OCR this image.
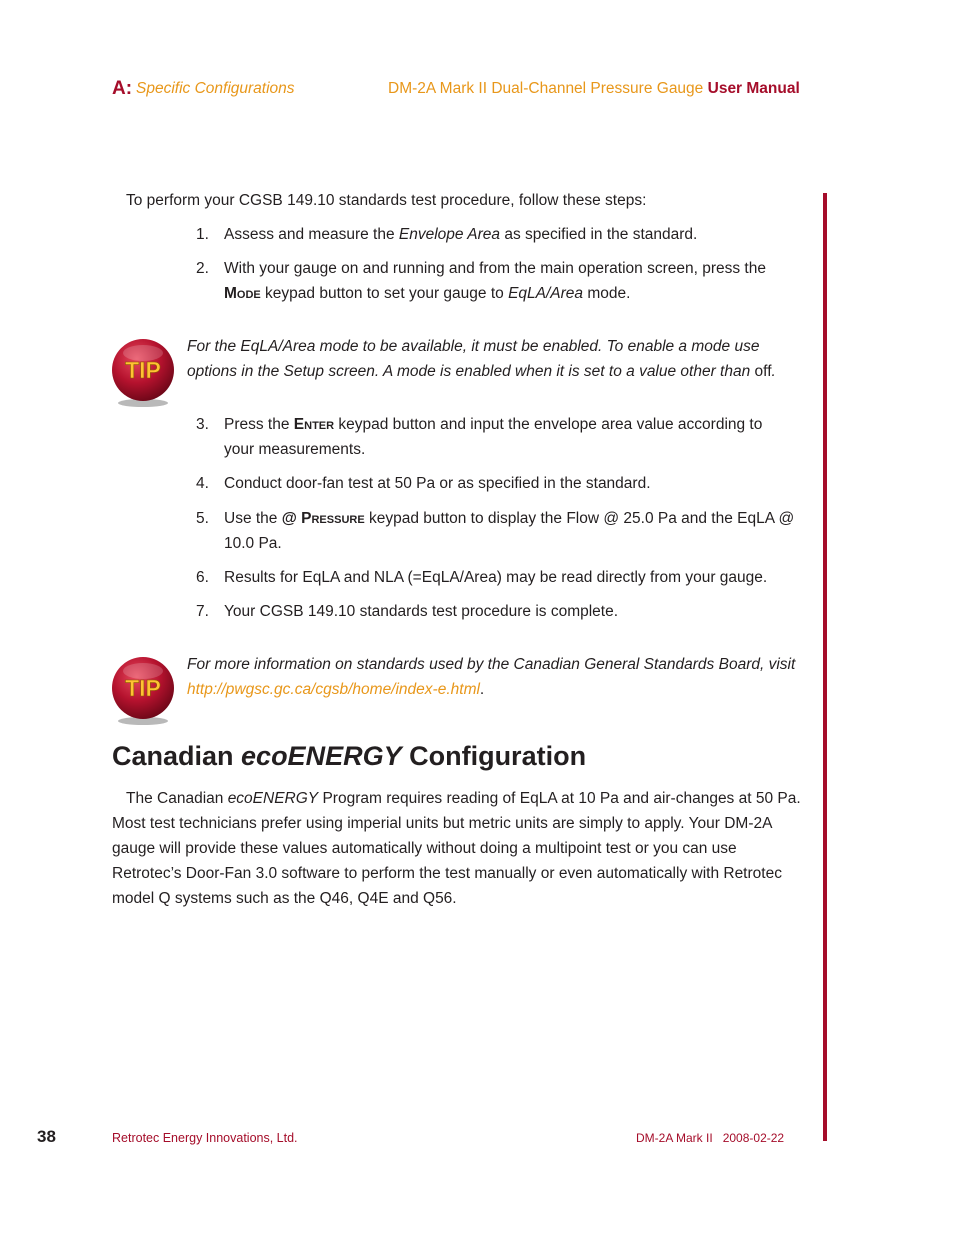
A: Specific Configurations	DM-2A Mark II Dual-Channel Pressure Gauge User Manual
To perform your CGSB 149.10 standards test procedure, follow these steps:
1. Assess and measure the Envelope Area as specified in the standard.
2. With your gauge on and running and from the main operation screen, press the Mode keypad button to set your gauge to EqLA/Area mode.
TIP
For the EqLA/Area mode to be available, it must be enabled. To enable a mode use options in the Setup screen. A mode is enabled when it is set to a value other than off.
3. Press the Enter keypad button and input the envelope area value according to your measurements.
4. Conduct door-fan test at 50 Pa or as specified in the standard.
5. Use the @ Pressure keypad button to display the Flow @ 25.0 Pa and the EqLA @ 10.0 Pa.
6. Results for EqLA and NLA (=EqLA/Area) may be read directly from your gauge.
7. Your CGSB 149.10 standards test procedure is complete.
TIP
For more information on standards used by the Canadian General Standards Board, visit http://pwgsc.gc.ca/cgsb/home/index-e.html.
Canadian ecoENERGY Configuration
The Canadian ecoENERGY Program requires reading of EqLA at 10 Pa and air-changes at 50 Pa. Most test technicians prefer using imperial units but metric units are simply to apply. Your DM-2A gauge will provide these values automatically without doing a multipoint test or you can use Retrotec’s Door-Fan 3.0 software to perform the test manually or even automatically with Retrotec model Q systems such as the Q46, Q4E and Q56.
38	Retrotec Energy Innovations, Ltd.	DM-2A Mark II 2008-02-22
